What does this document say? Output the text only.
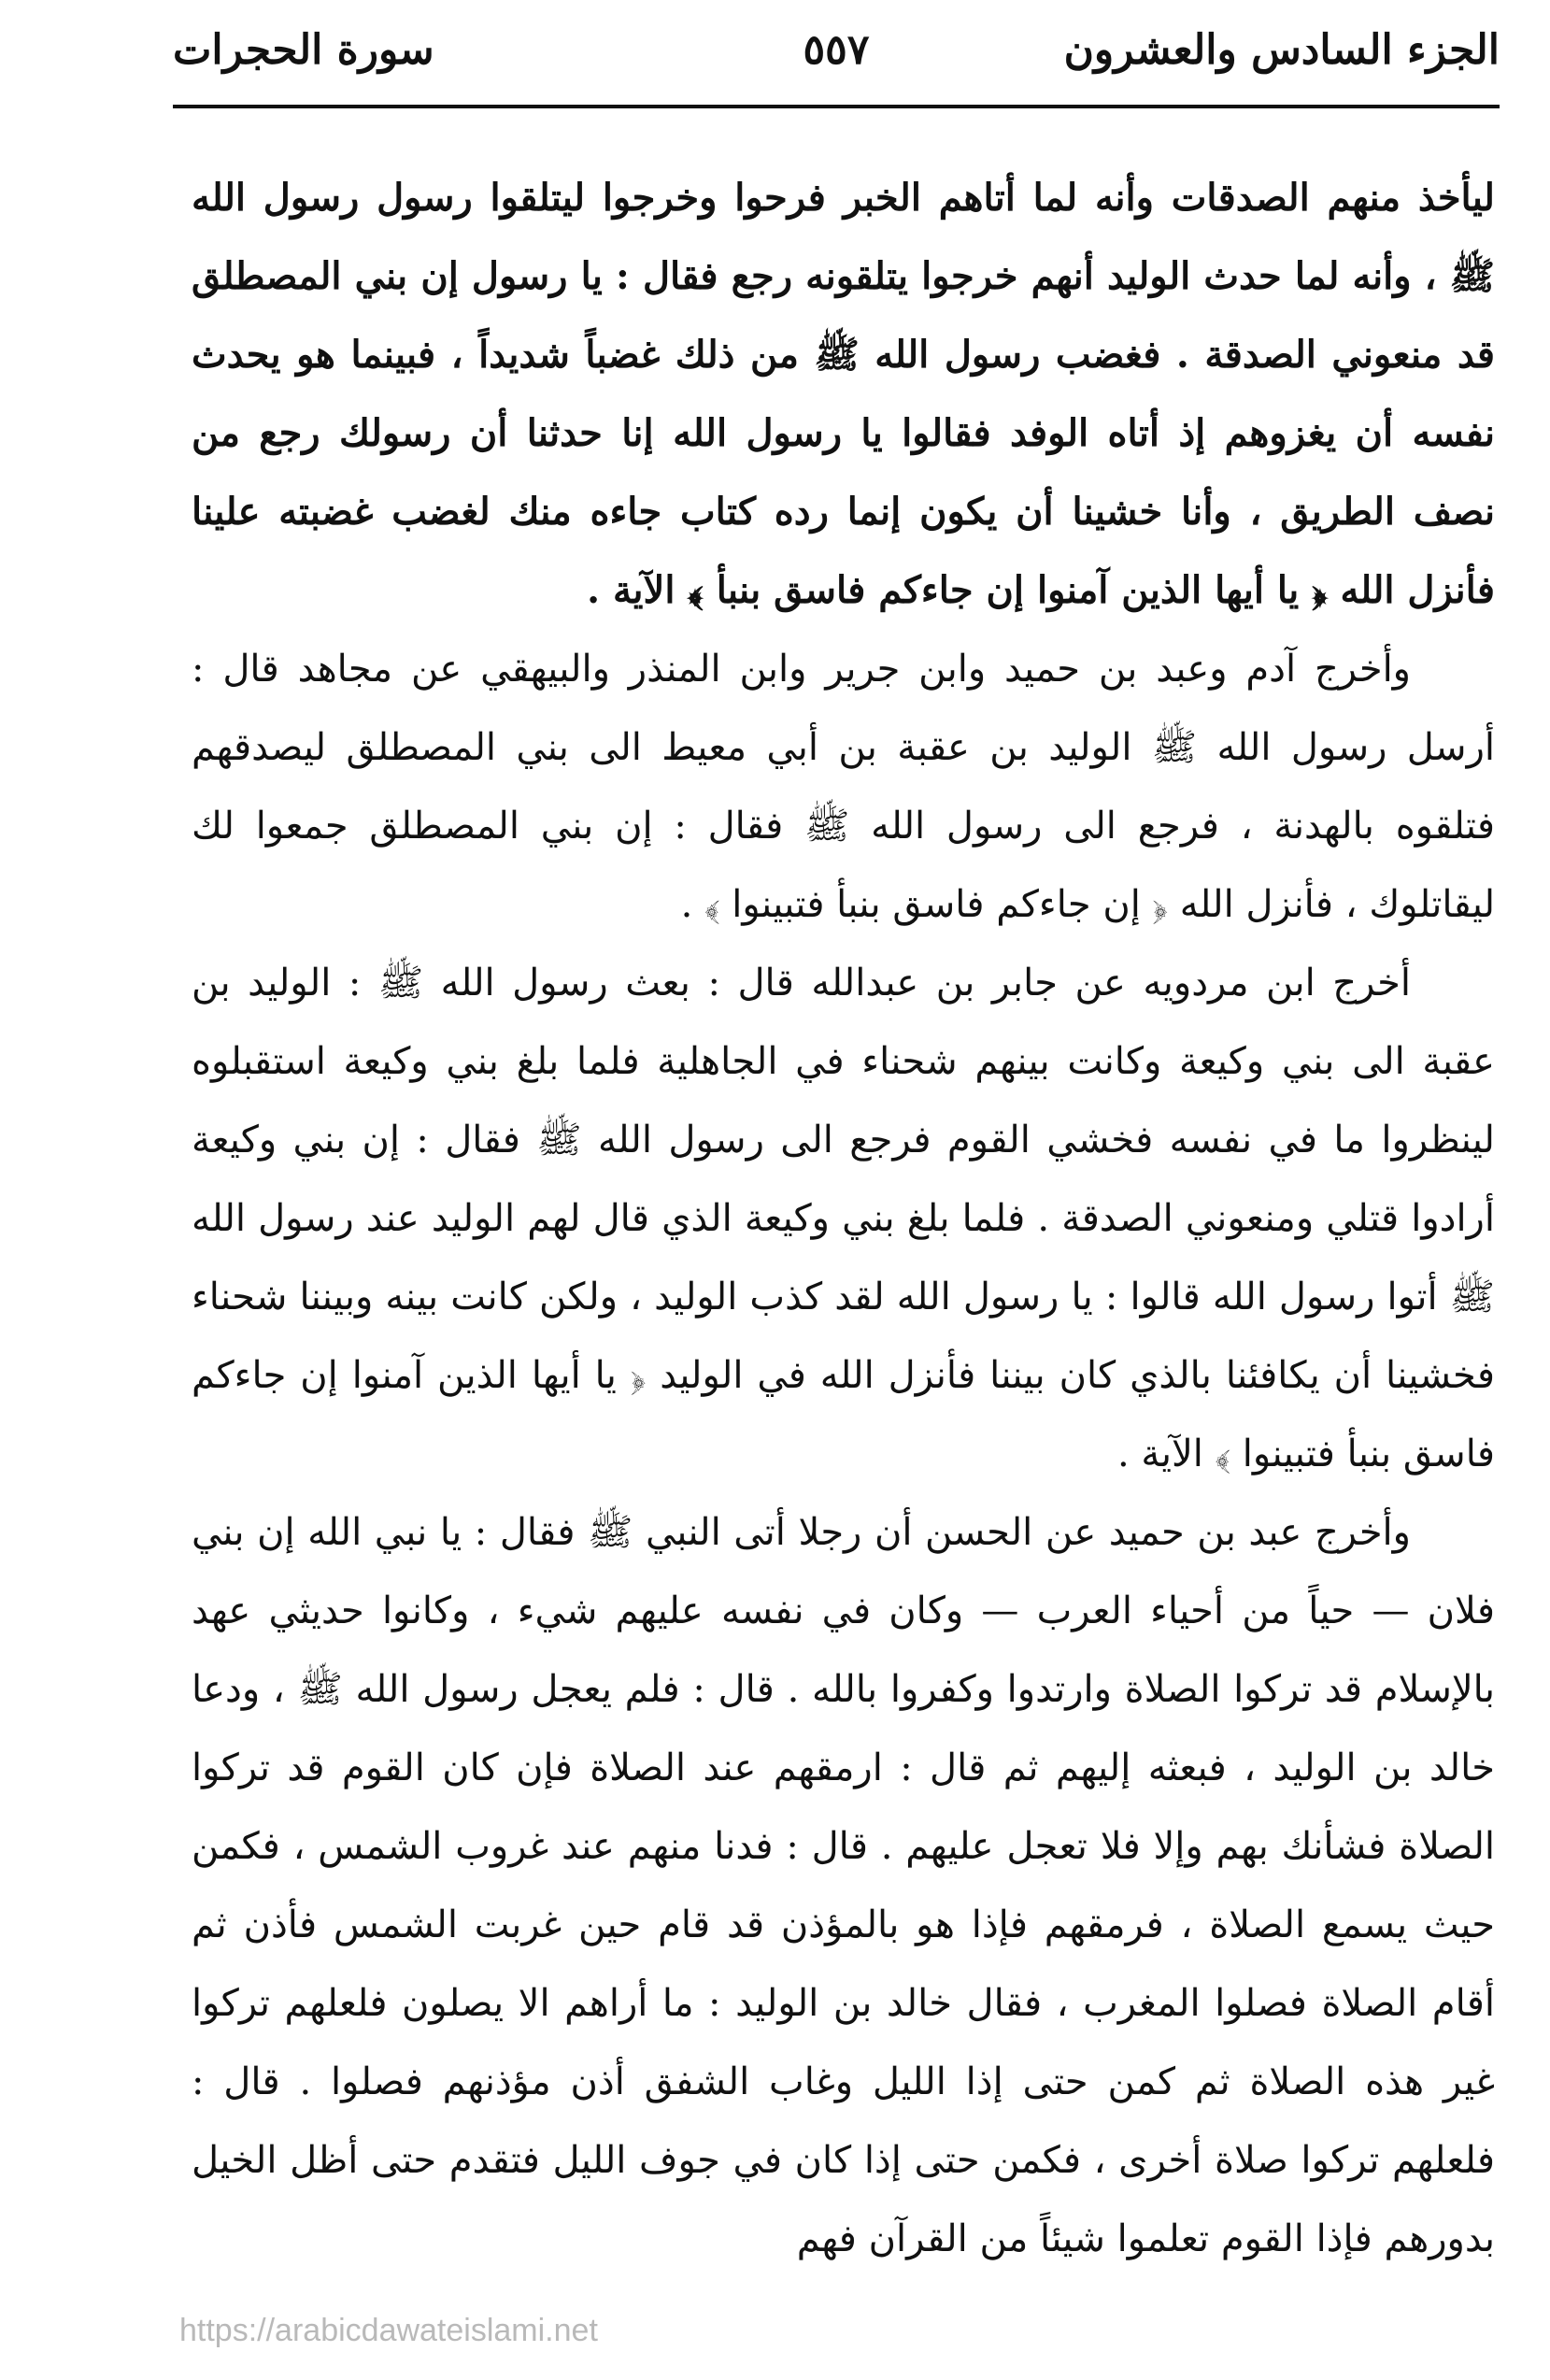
الجزء السادس والعشرون
٥٥٧
سورة الحجرات

ليأخذ منهم الصدقات وأنه لما أتاهم الخبر فرحوا وخرجوا ليتلقوا رسول رسول الله ﷺ ، وأنه لما حدث الوليد أنهم خرجوا يتلقونه رجع فقال : يا رسول إن بني المصطلق قد منعوني الصدقة . فغضب رسول الله ﷺ من ذلك غضباً شديداً ، فبينما هو يحدث نفسه أن يغزوهم إذ أتاه الوفد فقالوا يا رسول الله إنا حدثنا أن رسولك رجع من نصف الطريق ، وأنا خشينا أن يكون إنما رده كتاب جاءه منك لغضب غضبته علينا فأنزل الله ﴿ يا أيها الذين آمنوا إن جاءكم فاسق بنبأ ﴾ الآية .

وأخرج آدم وعبد بن حميد وابن جرير وابن المنذر والبيهقي عن مجاهد قال : أرسل رسول الله ﷺ الوليد بن عقبة بن أبي معيط الى بني المصطلق ليصدقهم فتلقوه بالهدنة ، فرجع الى رسول الله ﷺ فقال : إن بني المصطلق جمعوا لك ليقاتلوك ، فأنزل الله ﴿ إن جاءكم فاسق بنبأ فتبينوا ﴾ .

أخرج ابن مردويه عن جابر بن عبدالله قال : بعث رسول الله ﷺ : الوليد بن عقبة الى بني وكيعة وكانت بينهم شحناء في الجاهلية فلما بلغ بني وكيعة استقبلوه لينظروا ما في نفسه فخشي القوم فرجع الى رسول الله ﷺ فقال : إن بني وكيعة أرادوا قتلي ومنعوني الصدقة . فلما بلغ بني وكيعة الذي قال لهم الوليد عند رسول الله ﷺ أتوا رسول الله قالوا : يا رسول الله لقد كذب الوليد ، ولكن كانت بينه وبيننا شحناء فخشينا أن يكافئنا بالذي كان بيننا فأنزل الله في الوليد ﴿ يا أيها الذين آمنوا إن جاءكم فاسق بنبأ فتبينوا ﴾ الآية .

وأخرج عبد بن حميد عن الحسن أن رجلا أتى النبي ﷺ فقال : يا نبي الله إن بني فلان — حياً من أحياء العرب — وكان في نفسه عليهم شيء ، وكانوا حديثي عهد بالإسلام قد تركوا الصلاة وارتدوا وكفروا بالله . قال : فلم يعجل رسول الله ﷺ ، ودعا خالد بن الوليد ، فبعثه إليهم ثم قال : ارمقهم عند الصلاة فإن كان القوم قد تركوا الصلاة فشأنك بهم وإلا فلا تعجل عليهم . قال : فدنا منهم عند غروب الشمس ، فكمن حيث يسمع الصلاة ، فرمقهم فإذا هو بالمؤذن قد قام حين غربت الشمس فأذن ثم أقام الصلاة فصلوا المغرب ، فقال خالد بن الوليد : ما أراهم الا يصلون فلعلهم تركوا غير هذه الصلاة ثم كمن حتى إذا الليل وغاب الشفق أذن مؤذنهم فصلوا . قال : فلعلهم تركوا صلاة أخرى ، فكمن حتى إذا كان في جوف الليل فتقدم حتى أظل الخيل بدورهم فإذا القوم تعلموا شيئاً من القرآن فهم

https://arabicdawateislami.net
